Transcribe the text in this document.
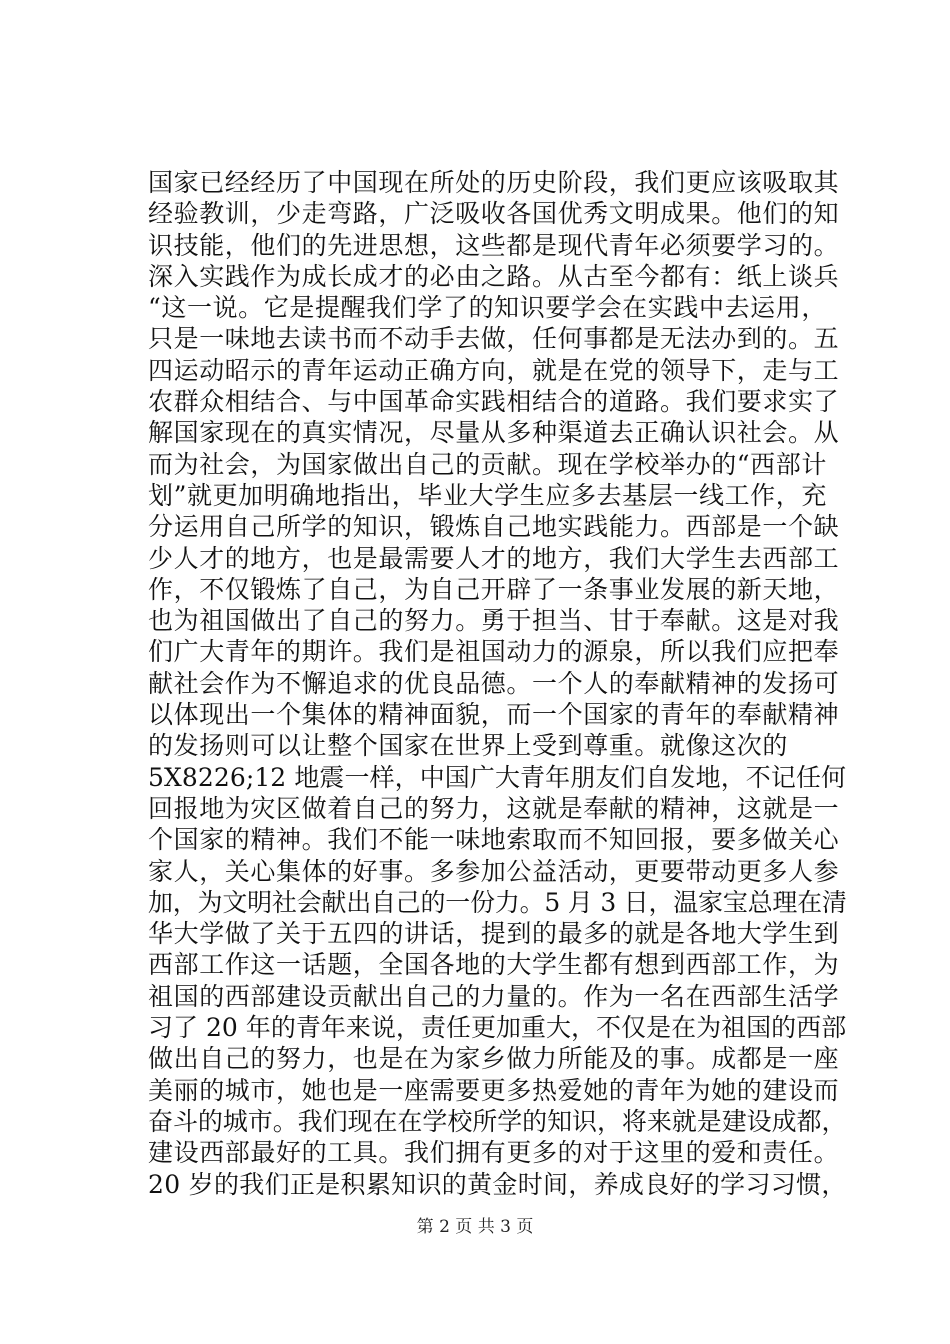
国家已经经历了中国现在所处的历史阶段，我们更应该吸取其
经验教训，少走弯路，广泛吸收各国优秀文明成果。他们的知
识技能，他们的先进思想，这些都是现代青年必须要学习的。
深入实践作为成长成才的必由之路。从古至今都有：纸上谈兵
“这一说。它是提醒我们学了的知识要学会在实践中去运用，
只是一味地去读书而不动手去做，任何事都是无法办到的。五
四运动昭示的青年运动正确方向，就是在党的领导下，走与工
农群众相结合、与中国革命实践相结合的道路。我们要求实了
解国家现在的真实情况，尽量从多种渠道去正确认识社会。从
而为社会，为国家做出自己的贡献。现在学校举办的“西部计
划”就更加明确地指出，毕业大学生应多去基层一线工作，充
分运用自己所学的知识，锻炼自己地实践能力。西部是一个缺
少人才的地方，也是最需要人才的地方，我们大学生去西部工
作，不仅锻炼了自己，为自己开辟了一条事业发展的新天地，
也为祖国做出了自己的努力。勇于担当、甘于奉献。这是对我
们广大青年的期许。我们是祖国动力的源泉，所以我们应把奉
献社会作为不懈追求的优良品德。一个人的奉献精神的发扬可
以体现出一个集体的精神面貌，而一个国家的青年的奉献精神
的发扬则可以让整个国家在世界上受到尊重。就像这次的
5X8226;12 地震一样，中国广大青年朋友们自发地，不记任何
回报地为灾区做着自己的努力，这就是奉献的精神，这就是一
个国家的精神。我们不能一味地索取而不知回报，要多做关心
家人，关心集体的好事。多参加公益活动，更要带动更多人参
加，为文明社会献出自己的一份力。5 月 3 日，温家宝总理在清
华大学做了关于五四的讲话，提到的最多的就是各地大学生到
西部工作这一话题，全国各地的大学生都有想到西部工作，为
祖国的西部建设贡献出自己的力量的。作为一名在西部生活学
习了 20 年的青年来说，责任更加重大，不仅是在为祖国的西部
做出自己的努力，也是在为家乡做力所能及的事。成都是一座
美丽的城市，她也是一座需要更多热爱她的青年为她的建设而
奋斗的城市。我们现在在学校所学的知识，将来就是建设成都，
建设西部最好的工具。我们拥有更多的对于这里的爱和责任。
20 岁的我们正是积累知识的黄金时间，养成良好的学习习惯，

第 2 页 共 3 页
